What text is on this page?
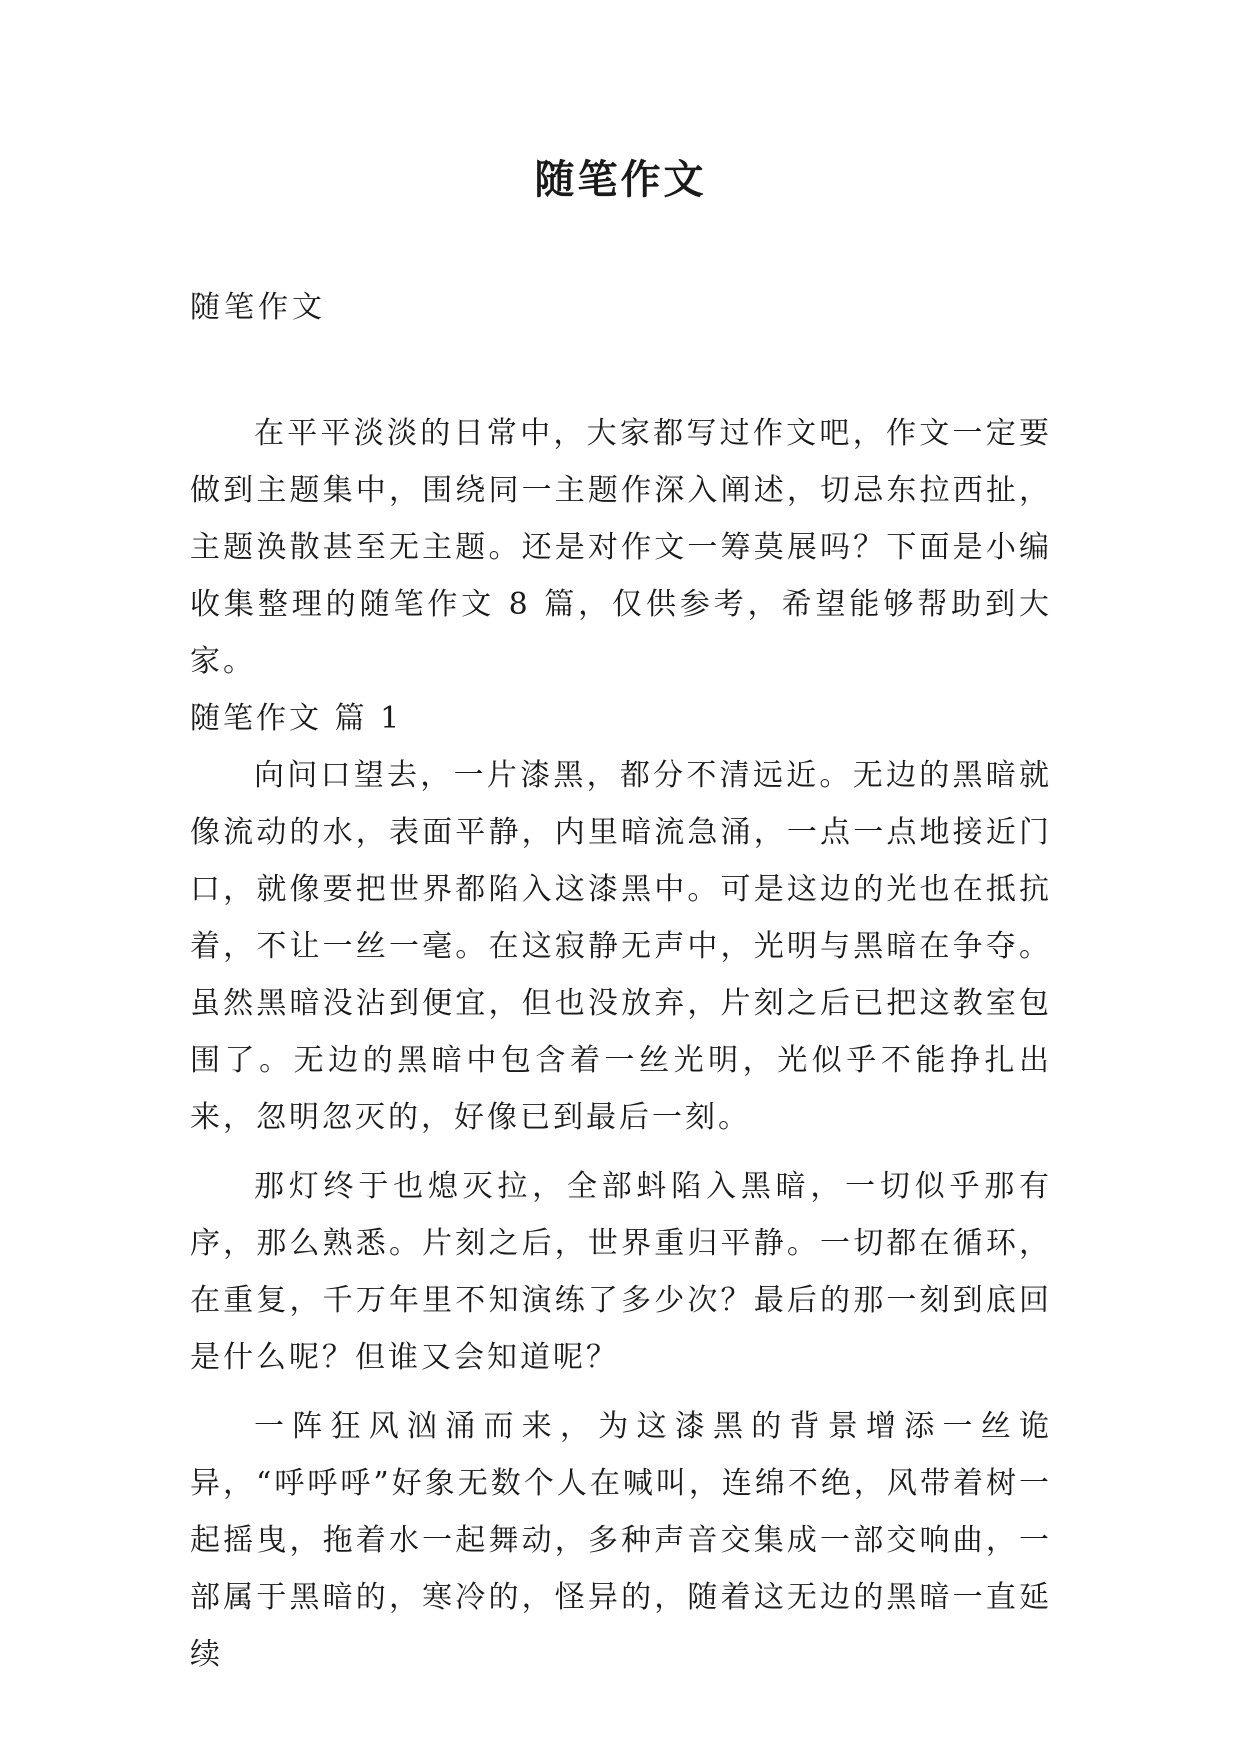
随笔作文
随笔作文

在平平淡淡的日常中，大家都写过作文吧，作文一定要做到主题集中，围绕同一主题作深入阐述，切忌东拉西扯，主题涣散甚至无主题。还是对作文一筹莫展吗？下面是小编收集整理的随笔作文 8 篇，仅供参考，希望能够帮助到大家。

随笔作文 篇 1

向问口望去，一片漆黑，都分不清远近。无边的黑暗就像流动的水，表面平静，内里暗流急涌，一点一点地接近门口，就像要把世界都陷入这漆黑中。可是这边的光也在抵抗着，不让一丝一毫。在这寂静无声中，光明与黑暗在争夺。虽然黑暗没沾到便宜，但也没放弃，片刻之后已把这教室包围了。无边的黑暗中包含着一丝光明，光似乎不能挣扎出来，忽明忽灭的，好像已到最后一刻。

那灯终于也熄灭拉，全部蚪陷入黑暗，一切似乎那有序，那么熟悉。片刻之后，世界重归平静。一切都在循环，在重复，千万年里不知演练了多少次？最后的那一刻到底回是什么呢？但谁又会知道呢？

一阵狂风汹涌而来，为这漆黑的背景增添一丝诡异，“呼呼呼”好象无数个人在喊叫，连绵不绝，风带着树一起摇曳，拖着水一起舞动，多种声音交集成一部交响曲，一部属于黑暗的，寒冷的，怪异的，随着这无边的黑暗一直延续
